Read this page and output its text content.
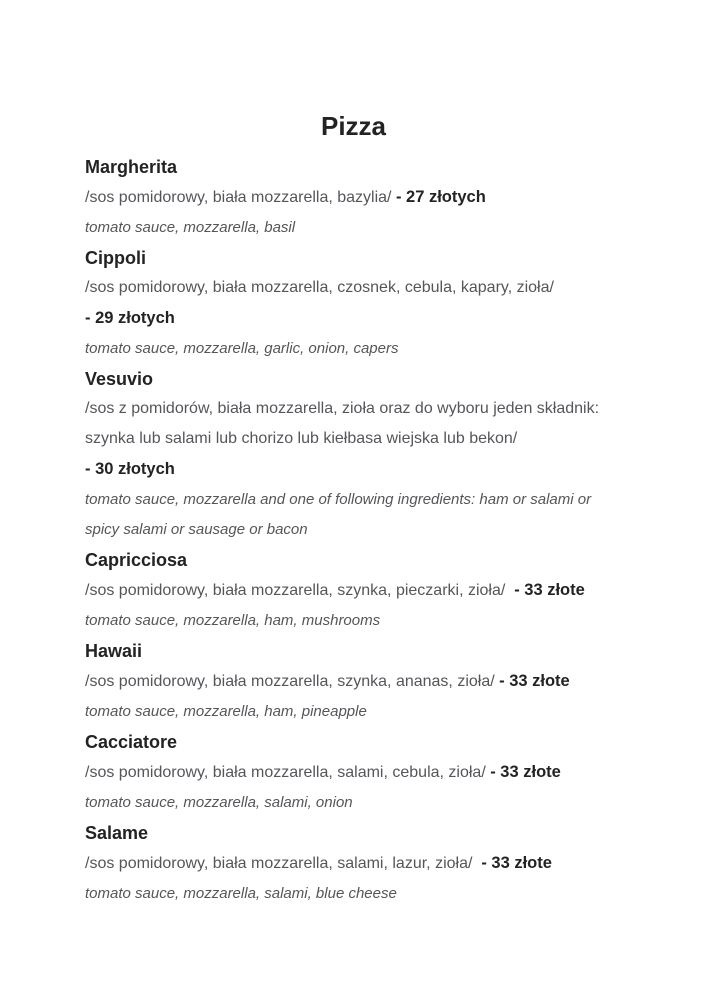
Pizza
Margherita

/sos pomidorowy, biała mozzarella, bazylia/ - 27 złotych

tomato sauce, mozzarella, basil

Cippoli

/sos pomidorowy, biała mozzarella, czosnek, cebula, kapary, zioła/

- 29 złotych

tomato sauce, mozzarella, garlic, onion, capers

Vesuvio

/sos z pomidorów, biała mozzarella, zioła oraz do wyboru jeden składnik:

szynka lub salami lub chorizo lub kiełbasa wiejska lub bekon/

- 30 złotych

tomato sauce, mozzarella and one of following ingredients: ham or salami or

spicy salami or sausage or bacon

Capricciosa

/sos pomidorowy, biała mozzarella, szynka, pieczarki, zioła/  - 33 złote

tomato sauce, mozzarella, ham, mushrooms

Hawaii

/sos pomidorowy, biała mozzarella, szynka, ananas, zioła/ - 33 złote

tomato sauce, mozzarella, ham, pineapple

Cacciatore

/sos pomidorowy, biała mozzarella, salami, cebula, zioła/ - 33 złote

tomato sauce, mozzarella, salami, onion

Salame

/sos pomidorowy, biała mozzarella, salami, lazur, zioła/  - 33 złote

tomato sauce, mozzarella, salami, blue cheese
